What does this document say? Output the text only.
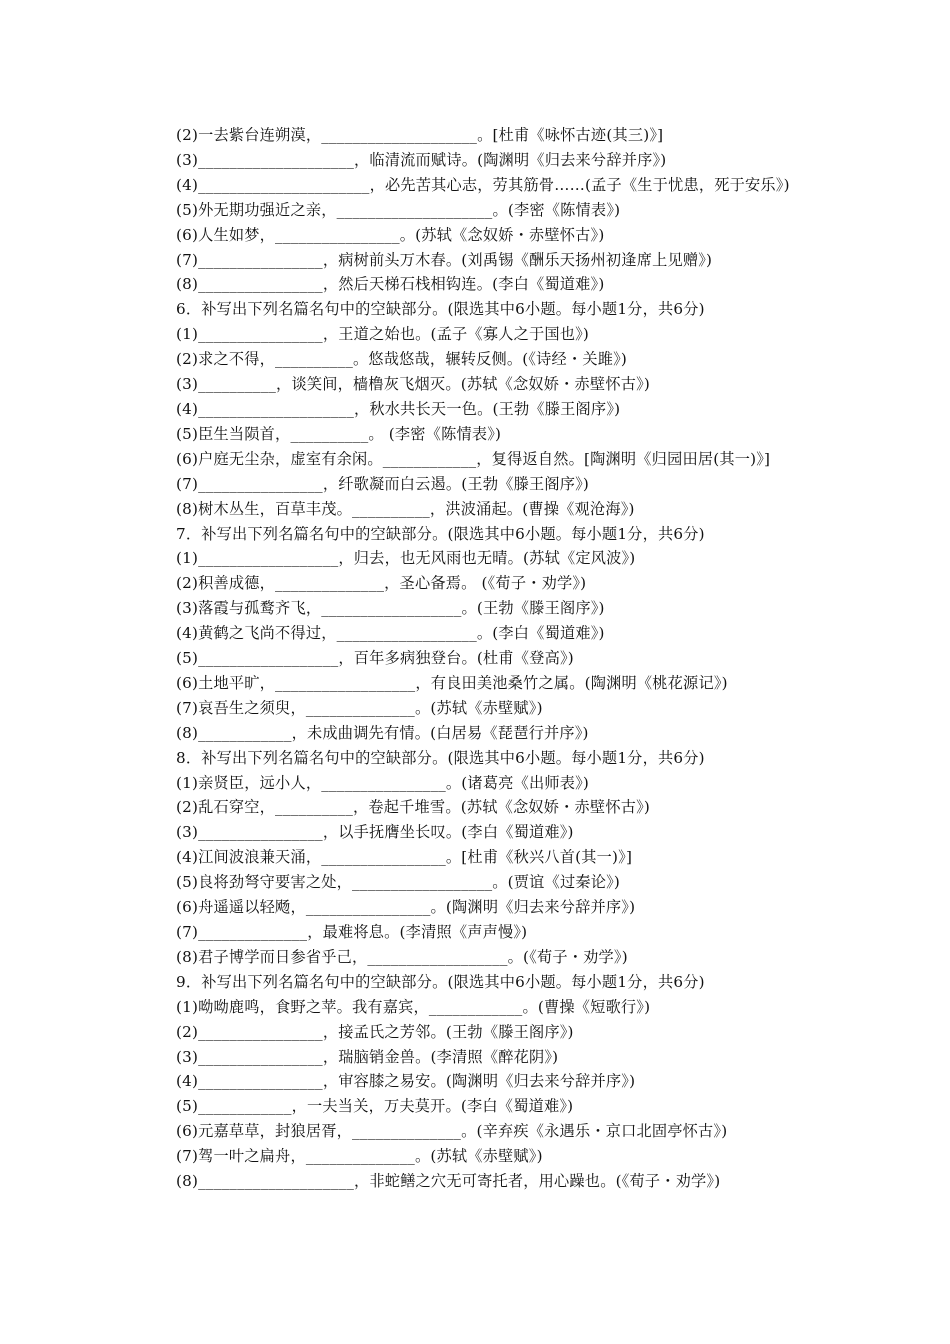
(2)一去紫台连朔漠，____________________。[杜甫《咏怀古迹(其三)》]
(3)____________________，临清流而赋诗。(陶渊明《归去来兮辞并序》)
(4)______________________，必先苦其心志，劳其筋骨……(孟子《生于忧患，死于安乐》)
(5)外无期功强近之亲，____________________。(李密《陈情表》)
(6)人生如梦，________________。(苏轼《念奴娇・赤壁怀古》)
(7)________________，病树前头万木春。(刘禹锡《酬乐天扬州初逢席上见赠》)
(8)________________，然后天梯石栈相钩连。(李白《蜀道难》)
6．补写出下列名篇名句中的空缺部分。(限选其中6小题。每小题1分，共6分)
(1)________________，王道之始也。(孟子《寡人之于国也》)
(2)求之不得，__________。悠哉悠哉，辗转反侧。(《诗经・关雎》)
(3)__________，谈笑间，樯橹灰飞烟灭。(苏轼《念奴娇・赤壁怀古》)
(4)____________________，秋水共长天一色。(王勃《滕王阁序》)
(5)臣生当陨首，__________。 (李密《陈情表》)
(6)户庭无尘杂，虚室有余闲。____________，复得返自然。[陶渊明《归园田居(其一)》]
(7)________________，纤歌凝而白云遏。(王勃《滕王阁序》)
(8)树木丛生，百草丰茂。__________，洪波涌起。(曹操《观沧海》)
7．补写出下列名篇名句中的空缺部分。(限选其中6小题。每小题1分，共6分)
(1)__________________，归去，也无风雨也无晴。(苏轼《定风波》)
(2)积善成德，______________，圣心备焉。 (《荀子・劝学》)
(3)落霞与孤鹜齐飞，__________________。(王勃《滕王阁序》)
(4)黄鹤之飞尚不得过，__________________。(李白《蜀道难》)
(5)__________________，百年多病独登台。(杜甫《登高》)
(6)土地平旷，__________________，有良田美池桑竹之属。(陶渊明《桃花源记》)
(7)哀吾生之须臾，______________。(苏轼《赤壁赋》)
(8)____________，未成曲调先有情。(白居易《琵琶行并序》)
8．补写出下列名篇名句中的空缺部分。(限选其中6小题。每小题1分，共6分)
(1)亲贤臣，远小人，________________。(诸葛亮《出师表》)
(2)乱石穿空，__________，卷起千堆雪。(苏轼《念奴娇・赤壁怀古》)
(3)________________，以手抚膺坐长叹。(李白《蜀道难》)
(4)江间波浪兼天涌，________________。[杜甫《秋兴八首(其一)》]
(5)良将劲弩守要害之处，__________________。(贾谊《过秦论》)
(6)舟遥遥以轻飏，________________。(陶渊明《归去来兮辞并序》)
(7)______________，最难将息。(李清照《声声慢》)
(8)君子博学而日参省乎己，__________________。(《荀子・劝学》)
9．补写出下列名篇名句中的空缺部分。(限选其中6小题。每小题1分，共6分)
(1)呦呦鹿鸣，食野之苹。我有嘉宾，____________。(曹操《短歌行》)
(2)________________，接孟氏之芳邻。(王勃《滕王阁序》)
(3)________________，瑞脑销金兽。(李清照《醉花阴》)
(4)________________，审容膝之易安。(陶渊明《归去来兮辞并序》)
(5)____________，一夫当关，万夫莫开。(李白《蜀道难》)
(6)元嘉草草，封狼居胥，______________。(辛弃疾《永遇乐・京口北固亭怀古》)
(7)驾一叶之扁舟，______________。(苏轼《赤壁赋》)
(8)____________________，非蛇鳝之穴无可寄托者，用心躁也。(《荀子・劝学》)
